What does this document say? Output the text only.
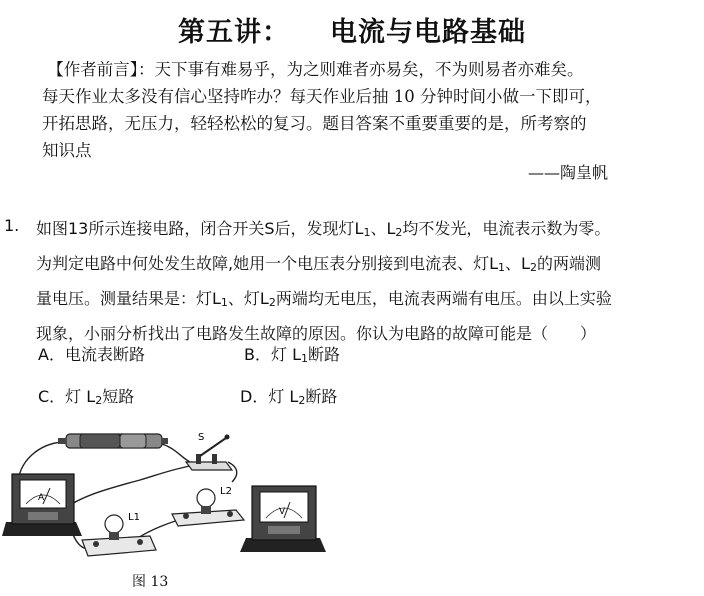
第五讲： 电流与电路基础
【作者前言】：天下事有难易乎，为之则难者亦易矣，不为则易者亦难矣。
每天作业太多没有信心坚持咋办？每天作业后抽 10 分钟时间小做一下即可，
开拓思路，无压力，轻轻松松的复习。题目答案不重要重要的是，所考察的
知识点
——陶皇帆
1. 如图13所示连接电路，闭合开关S后，发现灯$L_1$、$L_2$均不发光，电流表示数为零。
为判定电路中何处发生故障,她用一个电压表分别接到电流表、灯$L_1$、$L_2$的两端测
量电压。测量结果是：灯$L_1$、灯$L_2$两端均无电压，电流表两端有电压。由以上实验
现象，小丽分析找出了电路发生故障的原因。你认为电路的故障可能是（　　）
A．电流表断路	B．灯 $L_1$断路
C．灯 $L_2$短路	D．灯 $L_2$断路
S
L2
L1
A
V
图 13
